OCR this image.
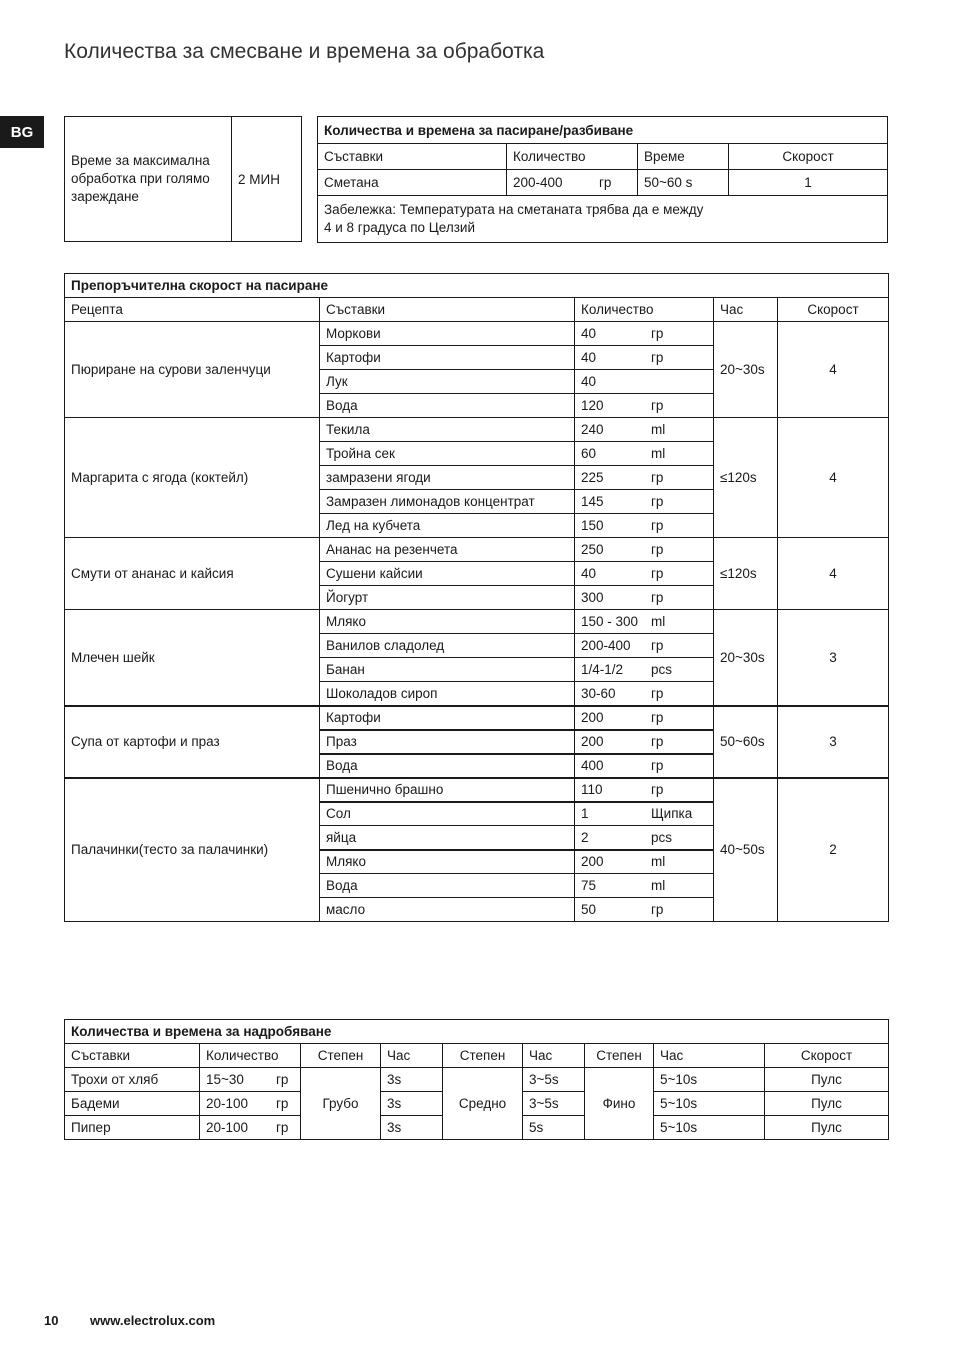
Количества за смесване и времена за обработка
BG
Време за максимална обработка при голямо зареждане	2 МИН
Количества и времена за пасиране/разбиване			
Съставки	Количество	Време	Скорост
Сметана	200-400 гр	50~60 s	1

Забележка: Температурата на сметаната трябва да е между
4 и 8 градуса по Целзий			
Препоръчителна скорост на пасиране				
Рецепта	Съставки	Количество	Час	Скорост
Пюриране на сурови заленчуци	Моркови	40 гр	20~30s	4
	Картофи	40 гр		
	Лук	40		
	Вода	120 гр		
Маргарита с ягода (коктейл)	Текила	240 ml	≤120s	4
	Тройна сек	60 ml		
	замразени ягоди	225 гр		
	Замразен лимонадов концентрат	145 гр		
	Лед на кубчета	150 гр		
Смути от ананас и кайсия	Ананас на резенчета	250 гр	≤120s	4
	Сушени кайсии	40 гр		
	Йогурт	300 гр		
Млечен шейк	Мляко	150 - 300 ml	20~30s	3
	Ванилов сладолед	200-400 гр		
	Банан	1/4-1/2 pcs		
	Шоколадов сироп	30-60 гр		
Супа от картофи и праз	Картофи	200 гр	50~60s	3
	Праз	200 гр		
	Вода	400 гр		
Палачинки(тесто за палачинки)	Пшенично брашно	110 гр	40~50s	2
	Сол	1 Щипка		
	яйца	2 pcs		
	Мляко	200 ml		
	Вода	75 ml		
	масло	50 гр		
Количества и времена за надробяване								
Съставки	Количество	Степен	Час	Степен	Час	Степен	Час	Скорост
Трохи от хляб	15~30 гр	Грубо	3s	Средно	3~5s	Фино	5~10s	Пулс
Бадеми	20-100 гр		3s		3~5s		5~10s	Пулс
Пипер	20-100 гр		3s		5s		5~10s	Пулс
10 www.electrolux.com
